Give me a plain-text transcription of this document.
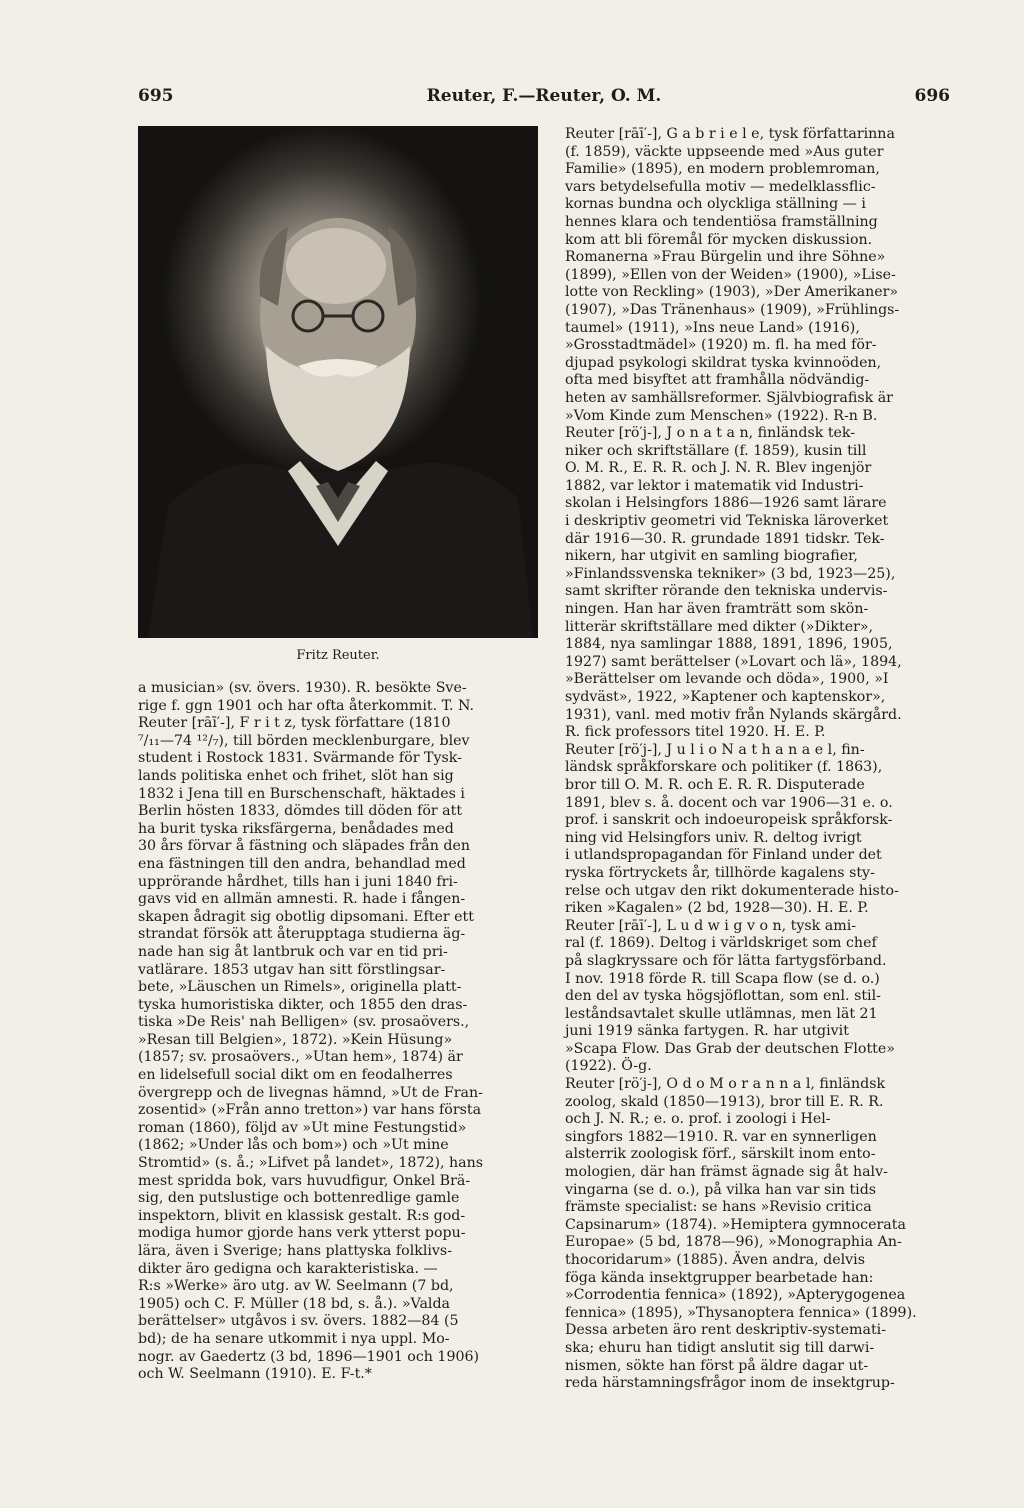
695	Reuter, F.—Reuter, O. M.	696
Fritz Reuter.
a musician» (sv. övers. 1930). R. besökte Sve-
rige f. ggn 1901 och har ofta återkommit. T. N.
Reuter [rāī′-], F r i t z, tysk författare (1810
⁷/₁₁—74 ¹²/₇), till börden mecklenburgare, blev
student i Rostock 1831. Svärmande för Tysk-
lands politiska enhet och frihet, slöt han sig
1832 i Jena till en Burschenschaft, häktades i
Berlin hösten 1833, dömdes till döden för att
ha burit tyska riksfärgerna, benådades med
30 års förvar å fästning och släpades från den
ena fästningen till den andra, behandlad med
upprörande hårdhet, tills han i juni 1840 fri-
gavs vid en allmän amnesti. R. hade i fången-
skapen ådragit sig obotlig dipsomani. Efter ett
strandat försök att återupptaga studierna äg-
nade han sig åt lantbruk och var en tid pri-
vatlärare. 1853 utgav han sitt förstlingsar-
bete, »Läuschen un Rimels», originella platt-
tyska humoristiska dikter, och 1855 den dras-
tiska »De Reis' nah Belligen» (sv. prosaövers.,
»Resan till Belgien», 1872). »Kein Hüsung»
(1857; sv. prosaövers., »Utan hem», 1874) är
en lidelsefull social dikt om en feodalherres
övergrepp och de livegnas hämnd, »Ut de Fran-
zosentid» (»Från anno tretton») var hans första
roman (1860), följd av »Ut mine Festungstid»
(1862; »Under lås och bom») och »Ut mine
Stromtid» (s. å.; »Lifvet på landet», 1872), hans
mest spridda bok, vars huvudfigur, Onkel Brä-
sig, den putslustige och bottenredlige gamle
inspektorn, blivit en klassisk gestalt. R:s god-
modiga humor gjorde hans verk ytterst popu-
lära, även i Sverige; hans plattyska folklivs-
dikter äro gedigna och karakteristiska. —
R:s »Werke» äro utg. av W. Seelmann (7 bd,
1905) och C. F. Müller (18 bd, s. å.). »Valda
berättelser» utgåvos i sv. övers. 1882—84 (5
bd); de ha senare utkommit i nya uppl. Mo-
nogr. av Gaedertz (3 bd, 1896—1901 och 1906)
och W. Seelmann (1910). E. F-t.*
Reuter [rāī′-], G a b r i e l e, tysk författarinna
(f. 1859), väckte uppseende med »Aus guter
Familie» (1895), en modern problemroman,
vars betydelsefulla motiv — medelklassflic-
kornas bundna och olyckliga ställning — i
hennes klara och tendentiösa framställning
kom att bli föremål för mycken diskussion.
Romanerna »Frau Bürgelin und ihre Söhne»
(1899), »Ellen von der Weiden» (1900), »Lise-
lotte von Reckling» (1903), »Der Amerikaner»
(1907), »Das Tränenhaus» (1909), »Frühlings-
taumel» (1911), »Ins neue Land» (1916),
»Grosstadtmädel» (1920) m. fl. ha med för-
djupad psykologi skildrat tyska kvinnoöden,
ofta med bisyftet att framhålla nödvändig-
heten av samhällsreformer. Självbiografisk är
»Vom Kinde zum Menschen» (1922). R-n B.
Reuter [rö′j-], J o n a t a n, finländsk tek-
niker och skriftställare (f. 1859), kusin till
O. M. R., E. R. R. och J. N. R. Blev ingenjör
1882, var lektor i matematik vid Industri-
skolan i Helsingfors 1886—1926 samt lärare
i deskriptiv geometri vid Tekniska läroverket
där 1916—30. R. grundade 1891 tidskr. Tek-
nikern, har utgivit en samling biografier,
»Finlandssvenska tekniker» (3 bd, 1923—25),
samt skrifter rörande den tekniska undervis-
ningen. Han har även framträtt som skön-
litterär skriftställare med dikter (»Dikter»,
1884, nya samlingar 1888, 1891, 1896, 1905,
1927) samt berättelser (»Lovart och lä», 1894,
»Berättelser om levande och döda», 1900, »I
sydväst», 1922, »Kaptener och kaptenskor»,
1931), vanl. med motiv från Nylands skärgård.
R. fick professors titel 1920. H. E. P.
Reuter [rö′j-], J u l i o N a t h a n a e l, fin-
ländsk språkforskare och politiker (f. 1863),
bror till O. M. R. och E. R. R. Disputerade
1891, blev s. å. docent och var 1906—31 e. o.
prof. i sanskrit och indoeuropeisk språkforsk-
ning vid Helsingfors univ. R. deltog ivrigt
i utlandspropagandan för Finland under det
ryska förtryckets år, tillhörde kagalens sty-
relse och utgav den rikt dokumenterade histo-
riken »Kagalen» (2 bd, 1928—30). H. E. P.
Reuter [rāī′-], L u d w i g v o n, tysk ami-
ral (f. 1869). Deltog i världskriget som chef
på slagkryssare och för lätta fartygsförband.
I nov. 1918 förde R. till Scapa flow (se d. o.)
den del av tyska högsjöflottan, som enl. stil-
leståndsavtalet skulle utlämnas, men lät 21
juni 1919 sänka fartygen. R. har utgivit
»Scapa Flow. Das Grab der deutschen Flotte»
(1922). Ö-g.
Reuter [rö′j-], O d o M o r a n n a l, finländsk
zoolog, skald (1850—1913), bror till E. R. R.
och J. N. R.; e. o. prof. i zoologi i Hel-
singfors 1882—1910. R. var en synnerligen
alsterrik zoologisk förf., särskilt inom ento-
mologien, där han främst ägnade sig åt halv-
vingarna (se d. o.), på vilka han var sin tids
främste specialist: se hans »Revisio critica
Capsinarum» (1874). »Hemiptera gymnocerata
Europae» (5 bd, 1878—96), »Monographia An-
thocoridarum» (1885). Även andra, delvis
föga kända insektgrupper bearbetade han:
»Corrodentia fennica» (1892), »Apterygogenea
fennica» (1895), »Thysanoptera fennica» (1899).
Dessa arbeten äro rent deskriptiv-systemati-
ska; ehuru han tidigt anslutit sig till darwi-
nismen, sökte han först på äldre dagar ut-
reda härstamningsfrågor inom de insektgrup-
